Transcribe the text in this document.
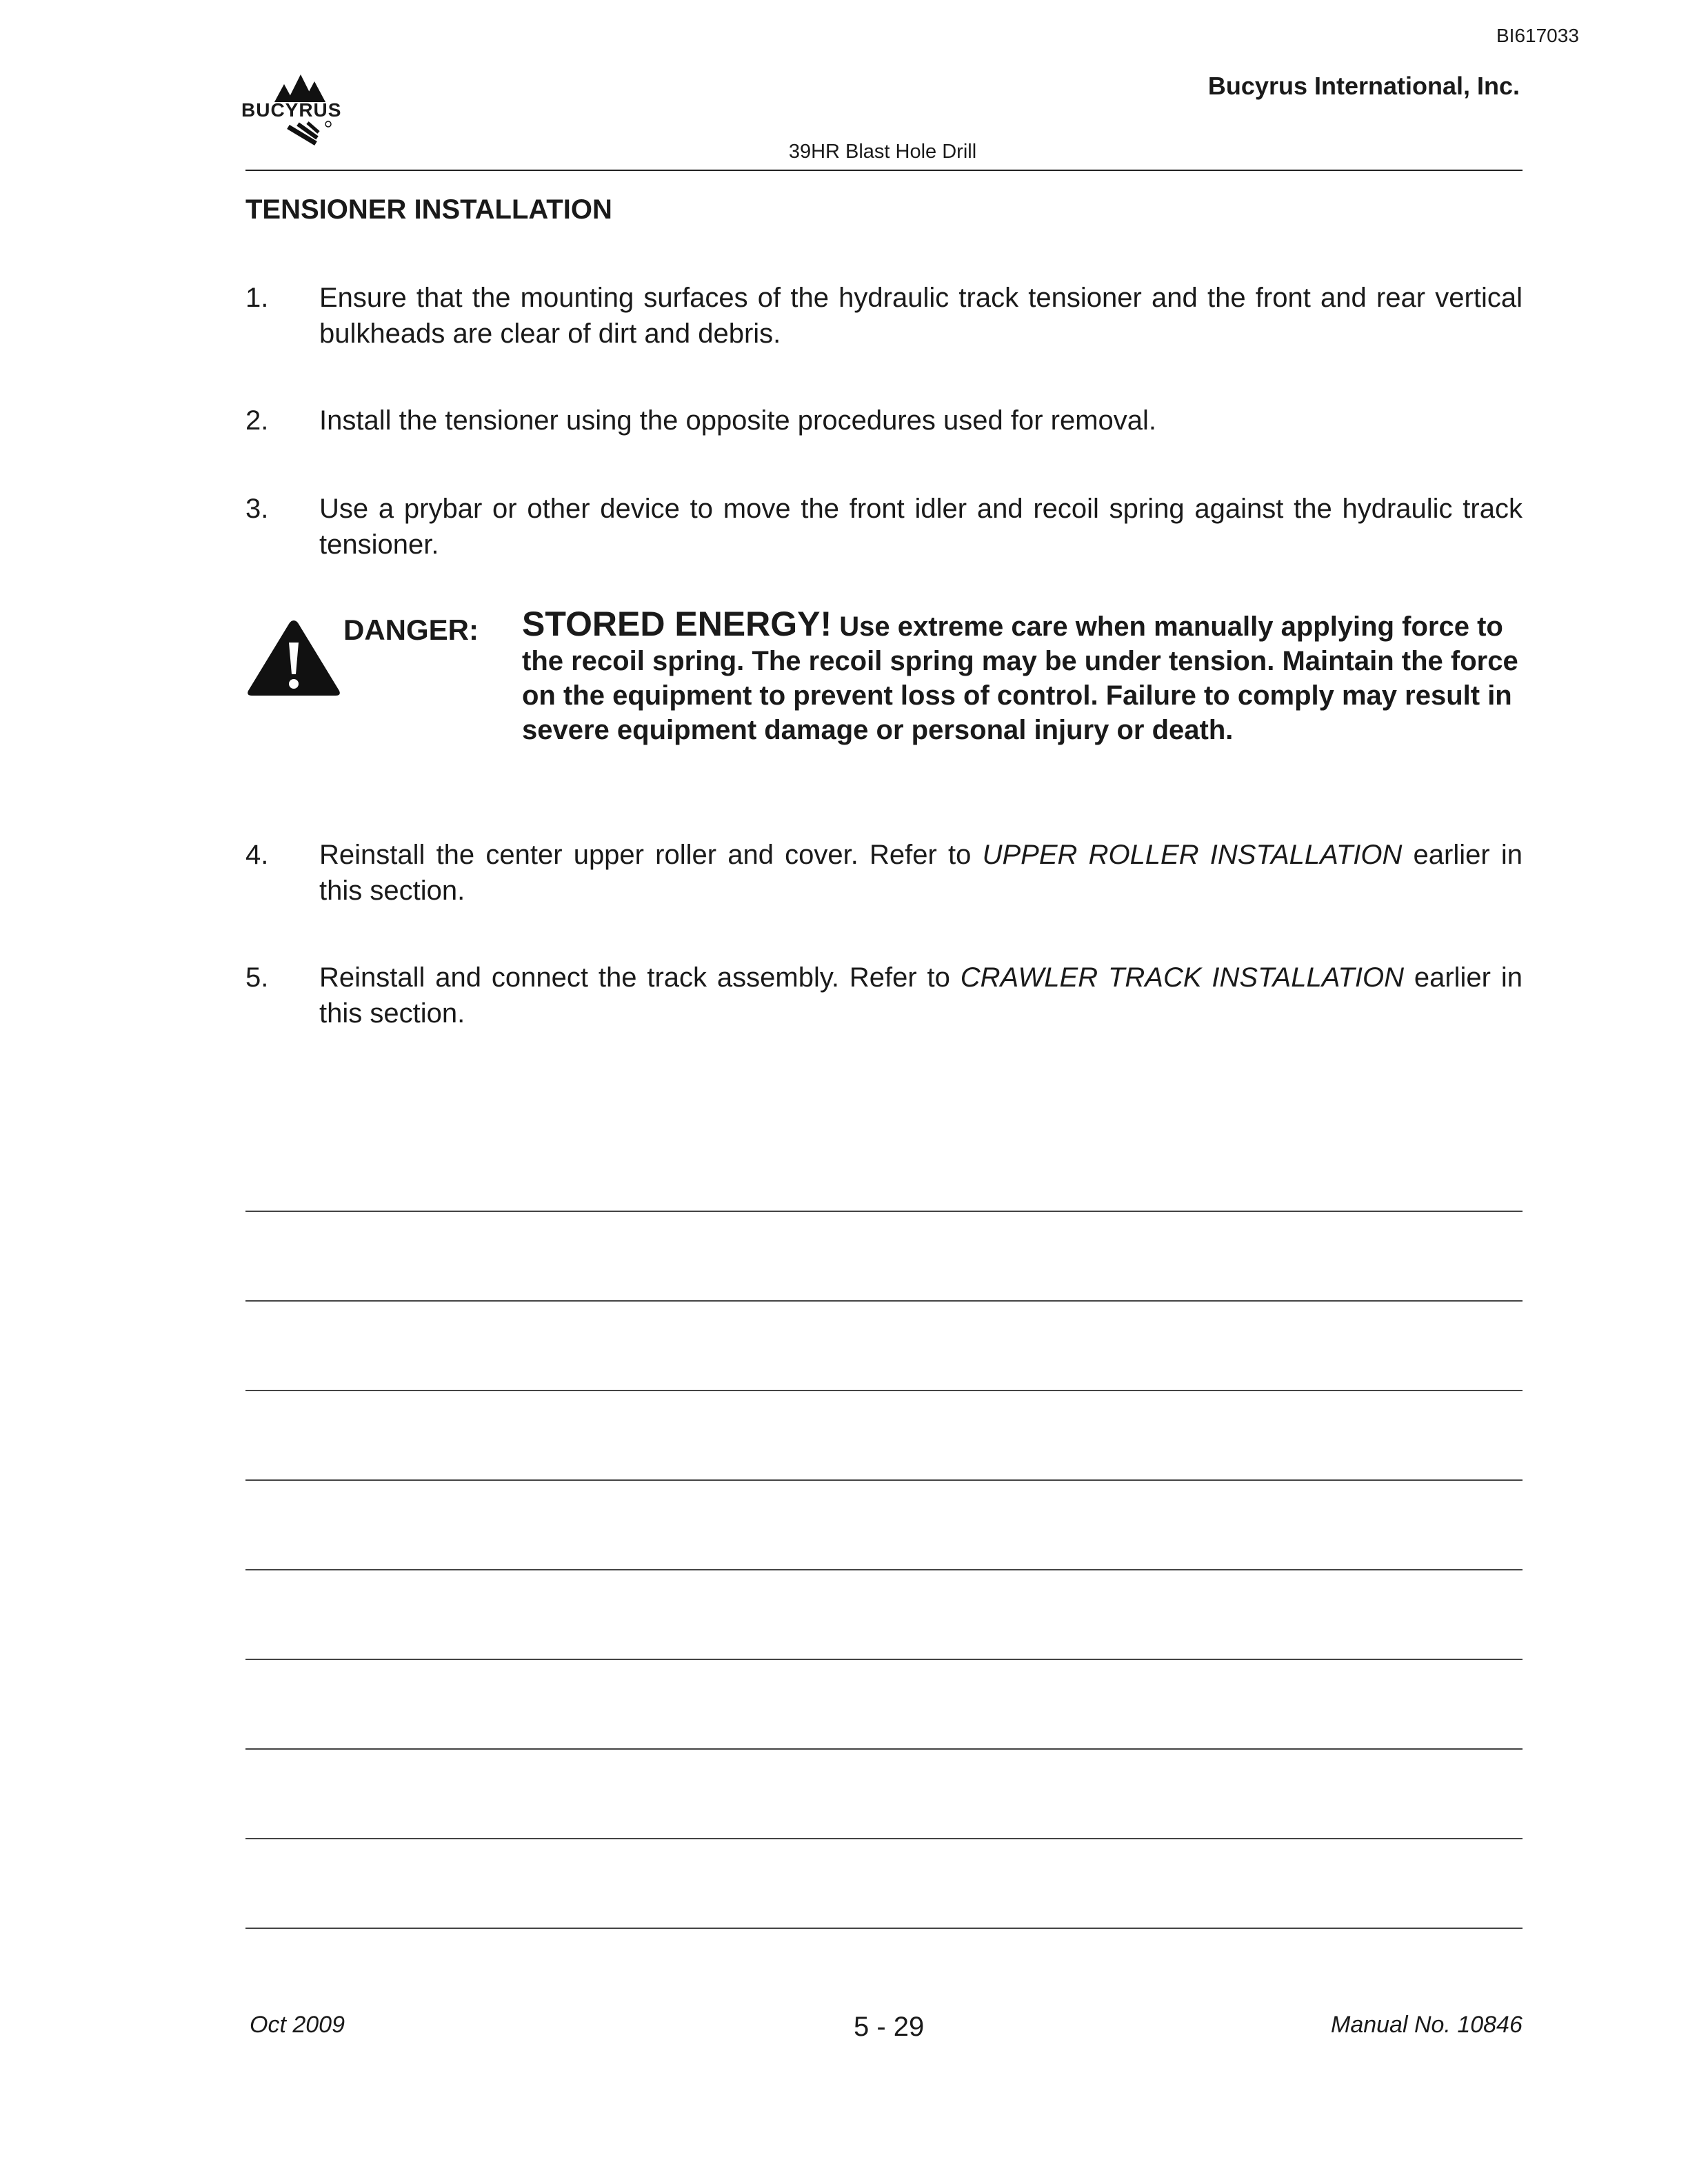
BI617033
BUCYRUS
Bucyrus International, Inc.
39HR Blast Hole Drill
TENSIONER INSTALLATION
1.	Ensure that the mounting surfaces of the hydraulic track tensioner and the front and rear vertical bulkheads are clear of dirt and debris.
2.	Install the tensioner using the opposite procedures used for removal.
3.	Use a prybar or other device to move the front idler and recoil spring against the hydraulic track tensioner.
DANGER: STORED ENERGY! Use extreme care when manually applying force to the recoil spring. The recoil spring may be under tension. Maintain the force on the equipment to prevent loss of control. Failure to comply may result in severe equipment damage or personal injury or death.
4.	Reinstall the center upper roller and cover. Refer to UPPER ROLLER INSTALLATION earlier in this section.
5.	Reinstall and connect the track assembly. Refer to CRAWLER TRACK INSTALLATION earlier in this section.
Oct 2009	5 - 29	Manual No. 10846
